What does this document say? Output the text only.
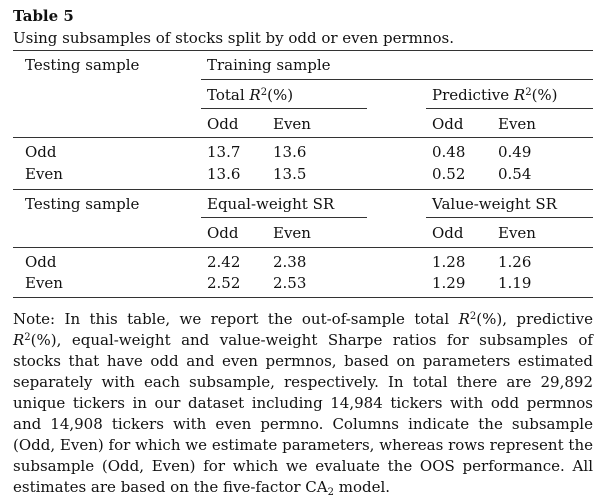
Table 5
Using subsamples of stocks split by odd or even permnos.
Testing sample	Training sample
Total $R^2(\%)$	Predictive $R^2(\%)$
Odd Even	Odd Even
Odd	13.7 13.6	0.48 0.49
Even	13.6 13.5	0.52 0.54
Testing sample	Equal-weight SR	Value-weight SR
Odd Even	Odd Even
Odd	2.42 2.38	1.28 1.26
Even	2.52 2.53	1.29 1.19

Note: In this table, we report the out-of-sample total $R^2(\%)$, predictive $R^2(\%)$, equal-weight and value-weight Sharpe ratios for subsamples of stocks that have odd and even permnos, based on parameters estimated separately with each subsample, respectively. In total there are 29,892 unique tickers in our dataset including 14,984 tickers with odd permnos and 14,908 tickers with even permno. Columns indicate the subsample (Odd, Even) for which we estimate parameters, whereas rows represent the subsample (Odd, Even) for which we evaluate the OOS performance. All estimates are based on the five-factor $CA_2$ model.
